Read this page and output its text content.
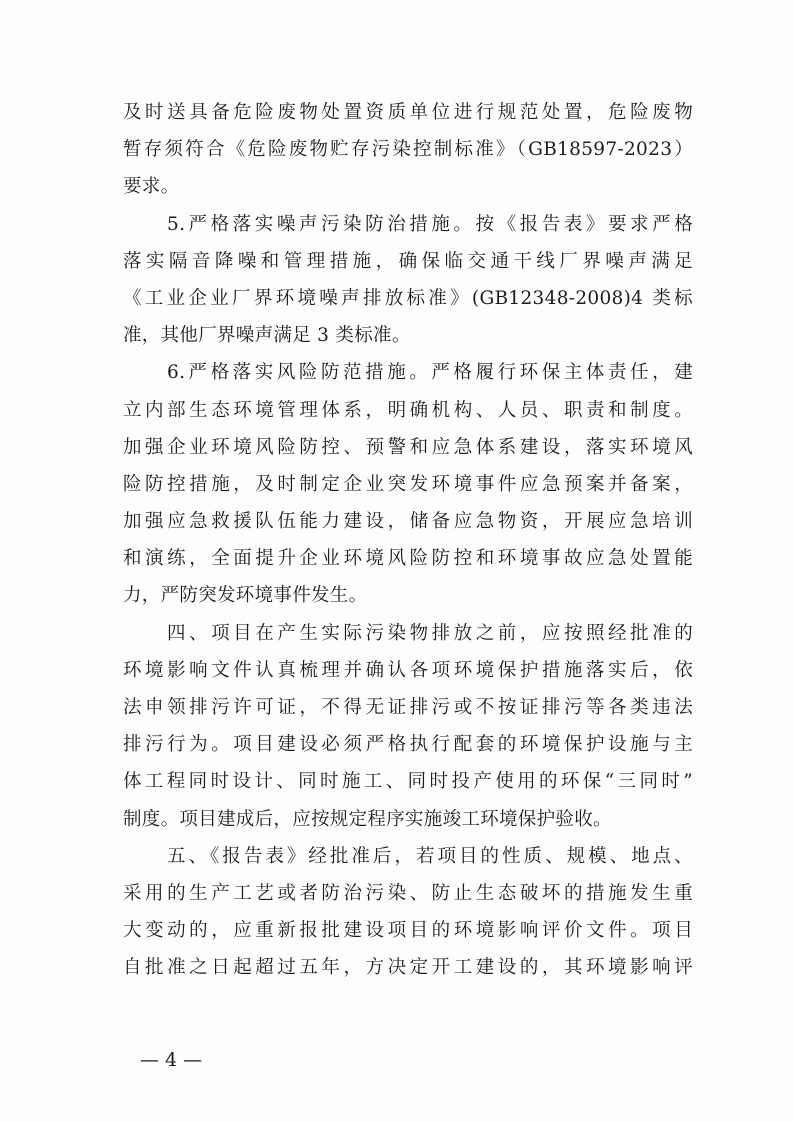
及时送具备危险废物处置资质单位进行规范处置，危险废物
暂存须符合《危险废物贮存污染控制标准》（GB18597-2023）
要求。
5.严格落实噪声污染防治措施。按《报告表》要求严格
落实隔音降噪和管理措施，确保临交通干线厂界噪声满足
《工业企业厂界环境噪声排放标准》(GB12348-2008)4 类标
准，其他厂界噪声满足 3 类标准。
6.严格落实风险防范措施。严格履行环保主体责任，建
立内部生态环境管理体系，明确机构、人员、职责和制度。
加强企业环境风险防控、预警和应急体系建设，落实环境风
险防控措施，及时制定企业突发环境事件应急预案并备案，
加强应急救援队伍能力建设，储备应急物资，开展应急培训
和演练，全面提升企业环境风险防控和环境事故应急处置能
力，严防突发环境事件发生。
四、项目在产生实际污染物排放之前，应按照经批准的
环境影响文件认真梳理并确认各项环境保护措施落实后，依
法申领排污许可证，不得无证排污或不按证排污等各类违法
排污行为。项目建设必须严格执行配套的环境保护设施与主
体工程同时设计、同时施工、同时投产使用的环保“三同时”
制度。项目建成后，应按规定程序实施竣工环境保护验收。
五、《报告表》经批准后，若项目的性质、规模、地点、
采用的生产工艺或者防治污染、防止生态破坏的措施发生重
大变动的，应重新报批建设项目的环境影响评价文件。项目
自批准之日起超过五年，方决定开工建设的，其环境影响评
— 4 —
